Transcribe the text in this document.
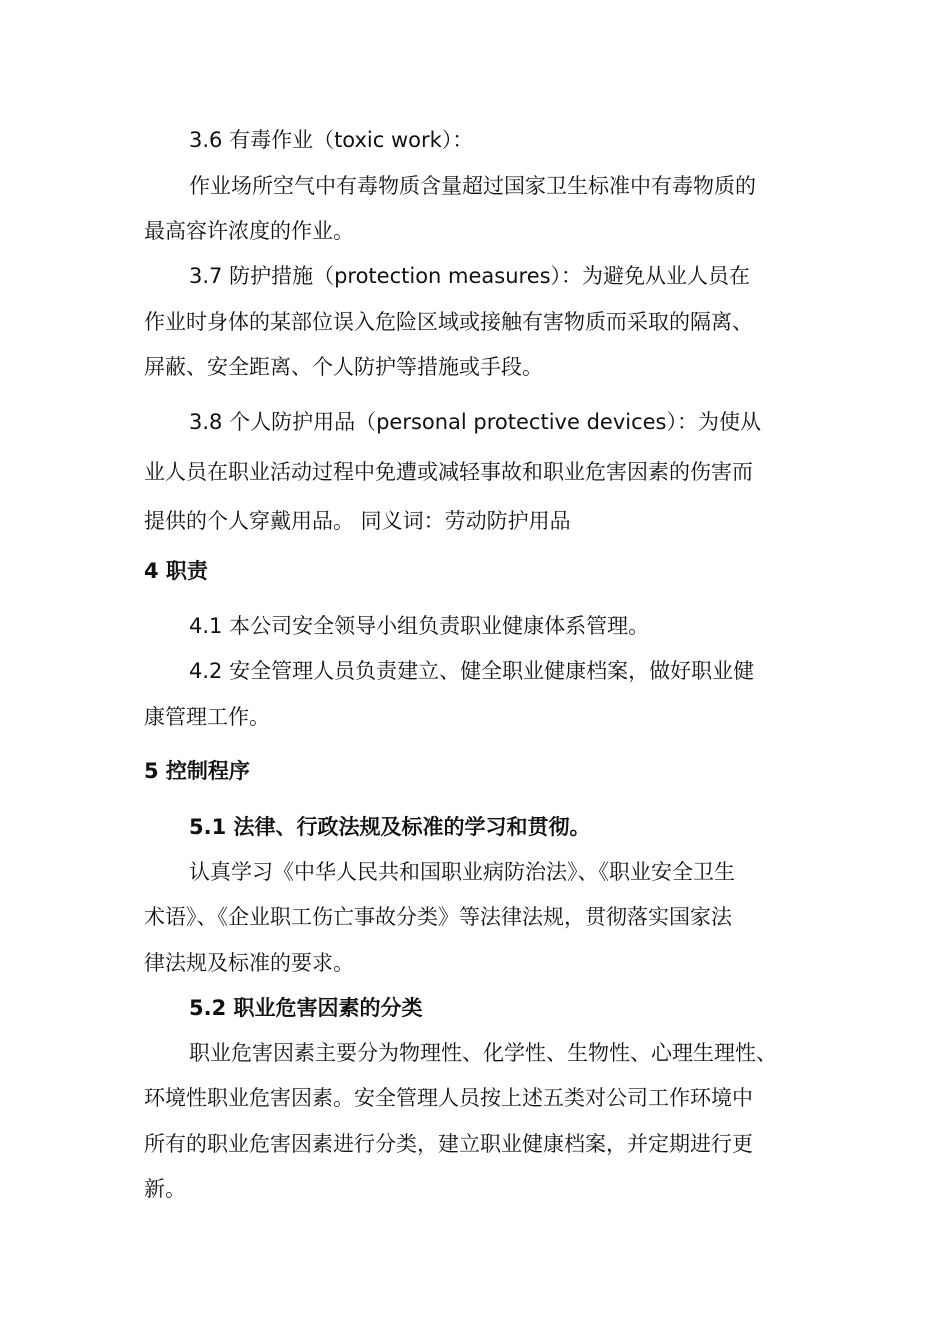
3.6 有毒作业（toxic work）：
作业场所空气中有毒物质含量超过国家卫生标准中有毒物质的
最高容许浓度的作业。
3.7 防护措施（protection measures）：为避免从业人员在
作业时身体的某部位误入危险区域或接触有害物质而采取的隔离、
屏蔽、安全距离、个人防护等措施或手段。
3.8 个人防护用品（personal protective devices）：为使从
业人员在职业活动过程中免遭或减轻事故和职业危害因素的伤害而
提供的个人穿戴用品。 同义词：劳动防护用品
4 职责
4.1 本公司安全领导小组负责职业健康体系管理。
4.2 安全管理人员负责建立、健全职业健康档案，做好职业健
康管理工作。
5 控制程序
5.1 法律、行政法规及标准的学习和贯彻。
认真学习《中华人民共和国职业病防治法》、《职业安全卫生
术语》、《企业职工伤亡事故分类》等法律法规，贯彻落实国家法
律法规及标准的要求。
5.2 职业危害因素的分类
职业危害因素主要分为物理性、化学性、生物性、心理生理性、
环境性职业危害因素。安全管理人员按上述五类对公司工作环境中
所有的职业危害因素进行分类，建立职业健康档案，并定期进行更
新。
